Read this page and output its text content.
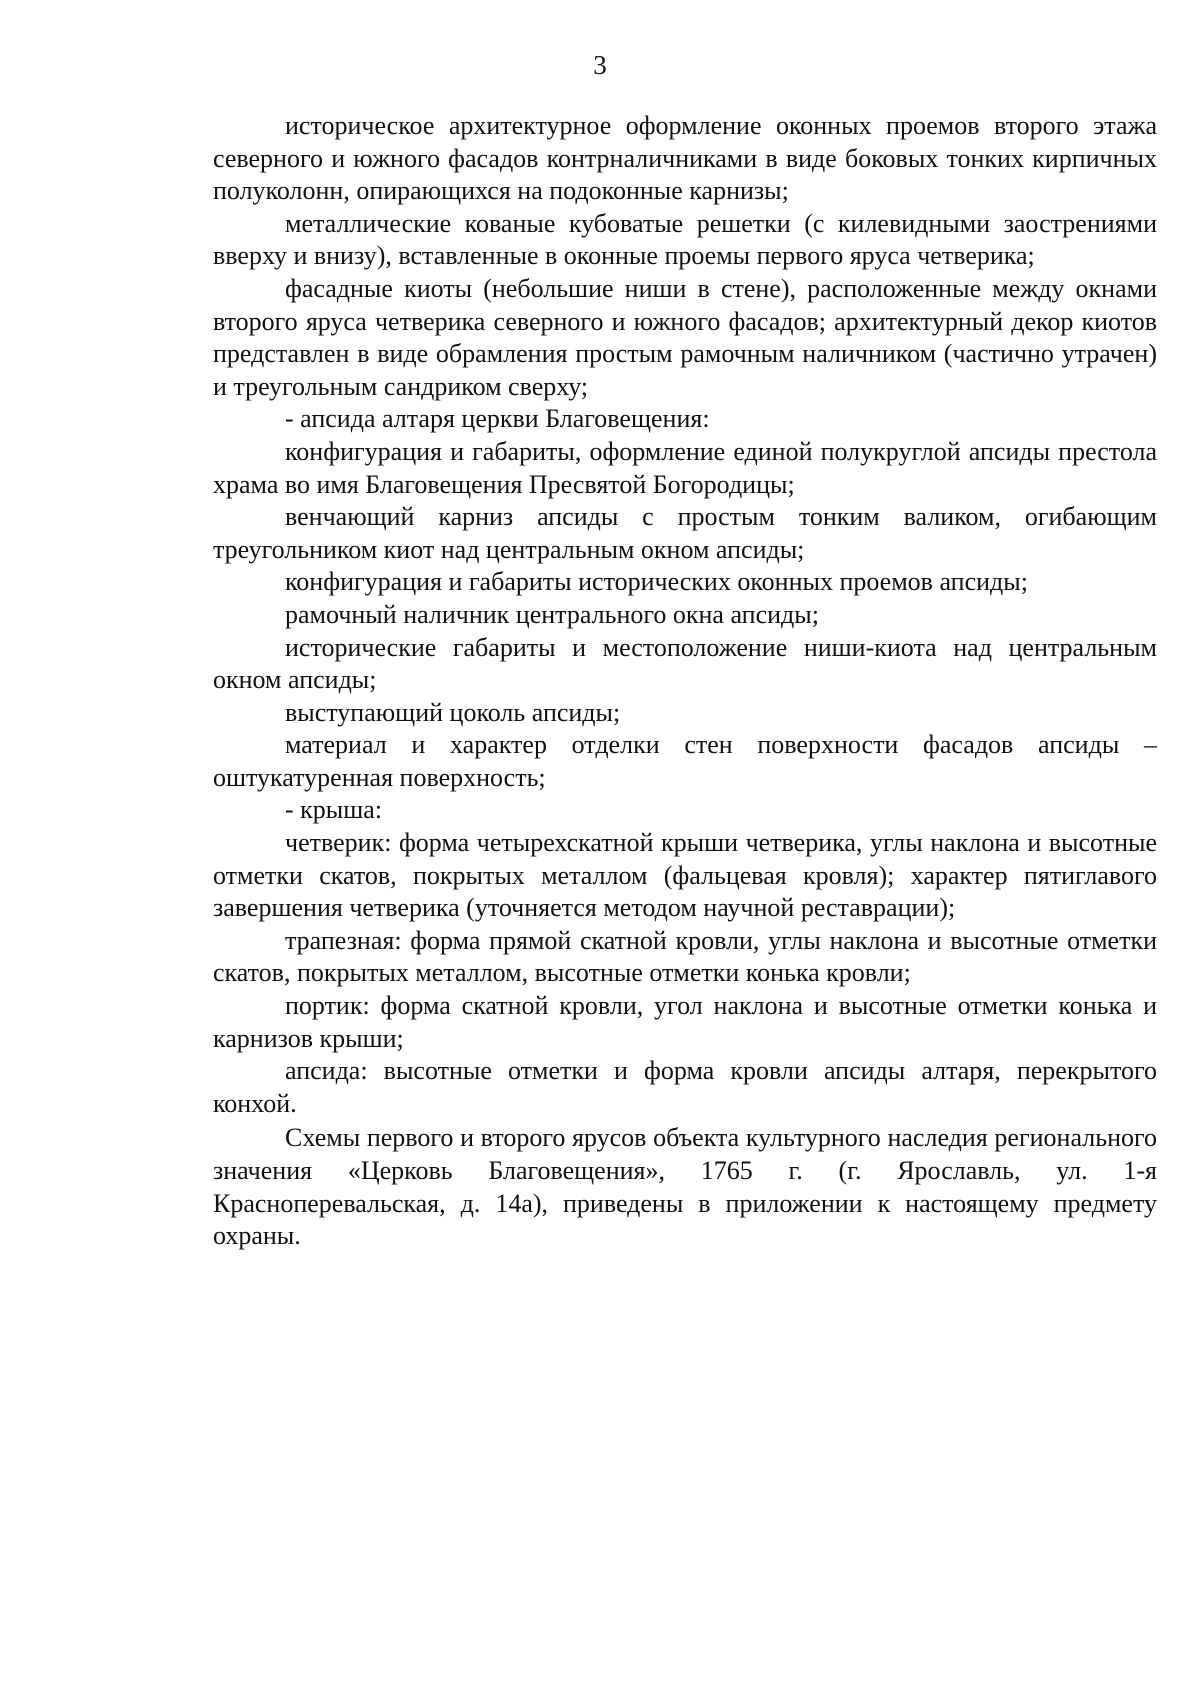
3

историческое архитектурное оформление оконных проемов второго этажа северного и южного фасадов контрналичниками в виде боковых тонких кирпичных полуколонн, опирающихся на подоконные карнизы;

металлические кованые кубоватые решетки (с килевидными заострениями вверху и внизу), вставленные в оконные проемы первого яруса четверика;

фасадные киоты (небольшие ниши в стене), расположенные между окнами второго яруса четверика северного и южного фасадов; архитектурный декор киотов представлен в виде обрамления простым рамочным наличником (частично утрачен) и треугольным сандриком сверху;

- апсида алтаря церкви Благовещения:

конфигурация и габариты, оформление единой полукруглой апсиды престола храма во имя Благовещения Пресвятой Богородицы;

венчающий карниз апсиды с простым тонким валиком, огибающим треугольником киот над центральным окном апсиды;

конфигурация и габариты исторических оконных проемов апсиды;

рамочный наличник центрального окна апсиды;

исторические габариты и местоположение ниши-киота над центральным окном апсиды;

выступающий цоколь апсиды;

материал и характер отделки стен поверхности фасадов апсиды – оштукатуренная поверхность;

- крыша:

четверик: форма четырехскатной крыши четверика, углы наклона и высотные отметки скатов, покрытых металлом (фальцевая кровля); характер пятиглавого завершения четверика (уточняется методом научной реставрации);

трапезная: форма прямой скатной кровли, углы наклона и высотные отметки скатов, покрытых металлом, высотные отметки конька кровли;

портик: форма скатной кровли, угол наклона и высотные отметки конька и карнизов крыши;

апсида: высотные отметки и форма кровли апсиды алтаря, перекрытого конхой.

Схемы первого и второго ярусов объекта культурного наследия регионального значения «Церковь Благовещения», 1765 г. (г. Ярославль, ул. 1-я Красноперевальская, д. 14а), приведены в приложении к настоящему предмету охраны.
